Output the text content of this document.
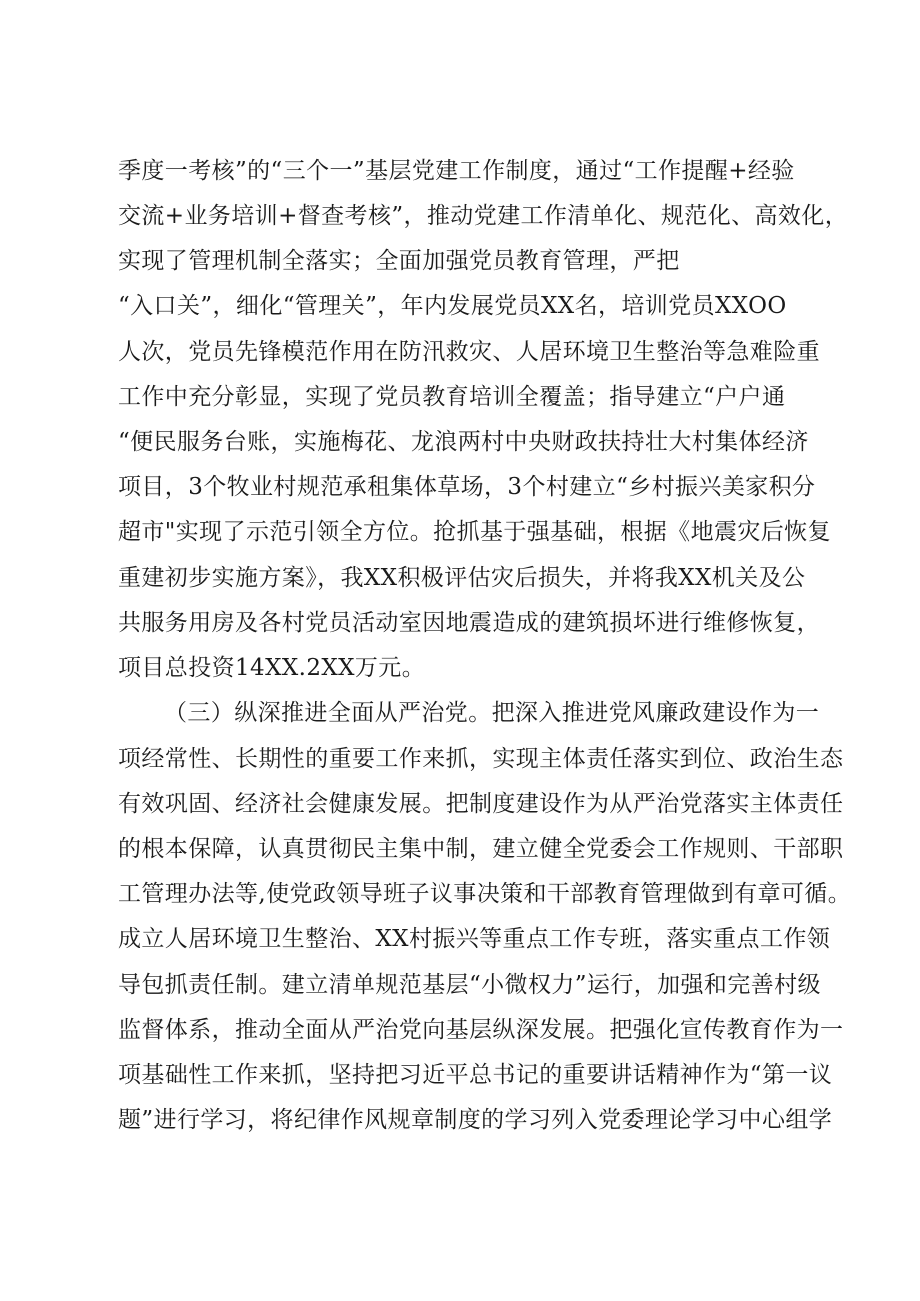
季度一考核”的“三个一”基层党建工作制度，通过“工作提醒+经验
交流+业务培训+督查考核”，推动党建工作清单化、规范化、高效化，
实现了管理机制全落实；全面加强党员教育管理，严把
“入口关”，细化“管理关”，年内发展党员XX名，培训党员XXOO
人次，党员先锋模范作用在防汛救灾、人居环境卫生整治等急难险重
工作中充分彰显，实现了党员教育培训全覆盖；指导建立“户户通
“便民服务台账，实施梅花、龙浪两村中央财政扶持壮大村集体经济
项目，3个牧业村规范承租集体草场，3个村建立“乡村振兴美家积分
超市"实现了示范引领全方位。抢抓基于强基础，根据《地震灾后恢复
重建初步实施方案》，我XX积极评估灾后损失，并将我XX机关及公
共服务用房及各村党员活动室因地震造成的建筑损坏进行维修恢复，
项目总投资14XX.2XX万元。
（三）纵深推进全面从严治党。把深入推进党风廉政建设作为一
项经常性、长期性的重要工作来抓，实现主体责任落实到位、政治生态
有效巩固、经济社会健康发展。把制度建设作为从严治党落实主体责任
的根本保障，认真贯彻民主集中制，建立健全党委会工作规则、干部职
工管理办法等,使党政领导班子议事决策和干部教育管理做到有章可循。
成立人居环境卫生整治、XX村振兴等重点工作专班，落实重点工作领
导包抓责任制。建立清单规范基层“小微权力”运行，加强和完善村级
监督体系，推动全面从严治党向基层纵深发展。把强化宣传教育作为一
项基础性工作来抓，坚持把习近平总书记的重要讲话精神作为“第一议
题”进行学习，将纪律作风规章制度的学习列入党委理论学习中心组学
